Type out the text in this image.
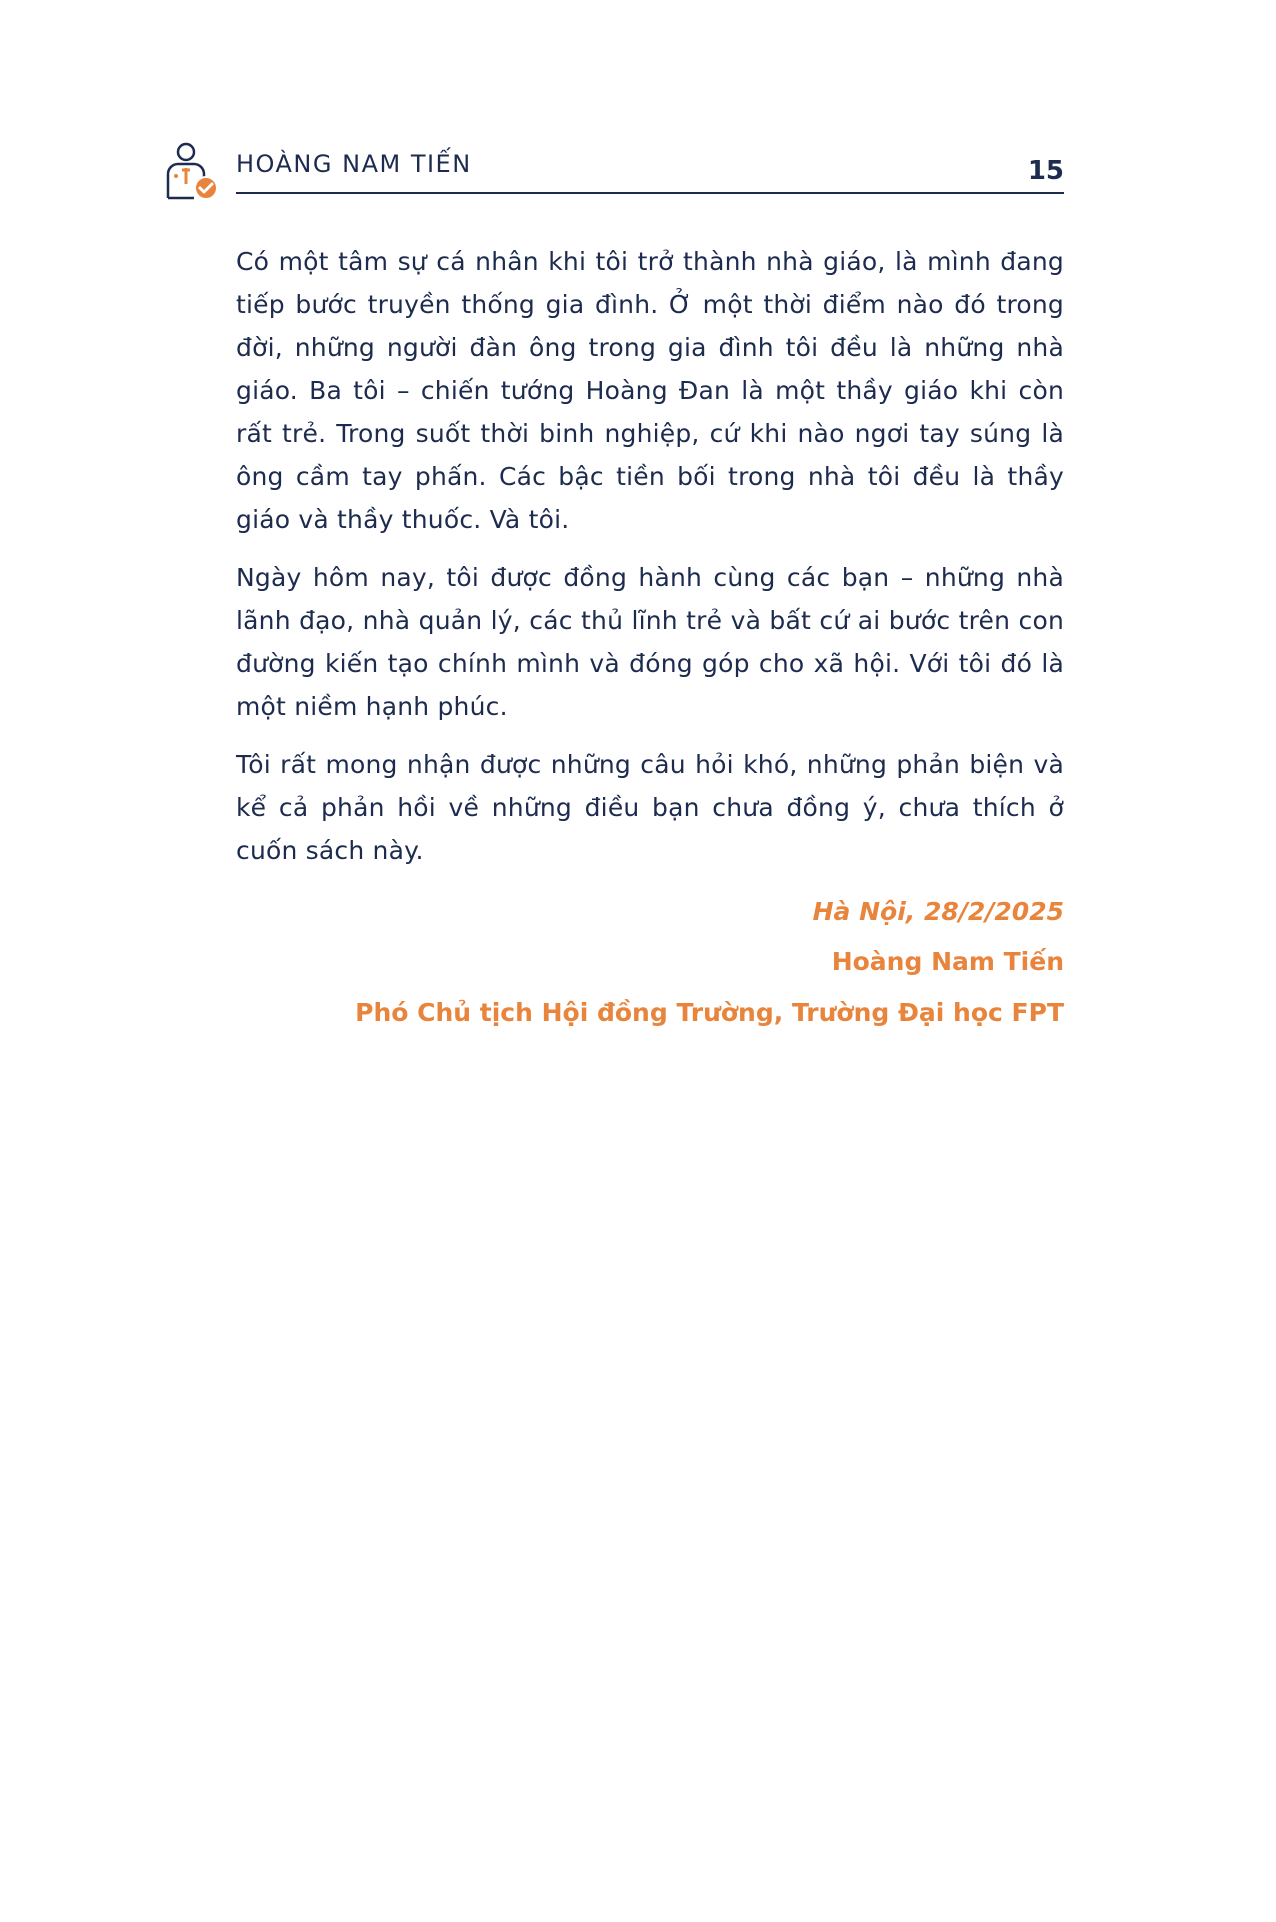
HOÀNG NAM TIẾN	15

Có một tâm sự cá nhân khi tôi trở thành nhà giáo, là mình đang tiếp bước truyền thống gia đình. Ở một thời điểm nào đó trong đời, những người đàn ông trong gia đình tôi đều là những nhà giáo. Ba tôi – chiến tướng Hoàng Đan là một thầy giáo khi còn rất trẻ. Trong suốt thời binh nghiệp, cứ khi nào ngơi tay súng là ông cầm tay phấn. Các bậc tiền bối trong nhà tôi đều là thầy giáo và thầy thuốc. Và tôi.

Ngày hôm nay, tôi được đồng hành cùng các bạn – những nhà lãnh đạo, nhà quản lý, các thủ lĩnh trẻ và bất cứ ai bước trên con đường kiến tạo chính mình và đóng góp cho xã hội. Với tôi đó là một niềm hạnh phúc.

Tôi rất mong nhận được những câu hỏi khó, những phản biện và kể cả phản hồi về những điều bạn chưa đồng ý, chưa thích ở cuốn sách này.

Hà Nội, 28/2/2025
Hoàng Nam Tiến
Phó Chủ tịch Hội đồng Trường, Trường Đại học FPT
